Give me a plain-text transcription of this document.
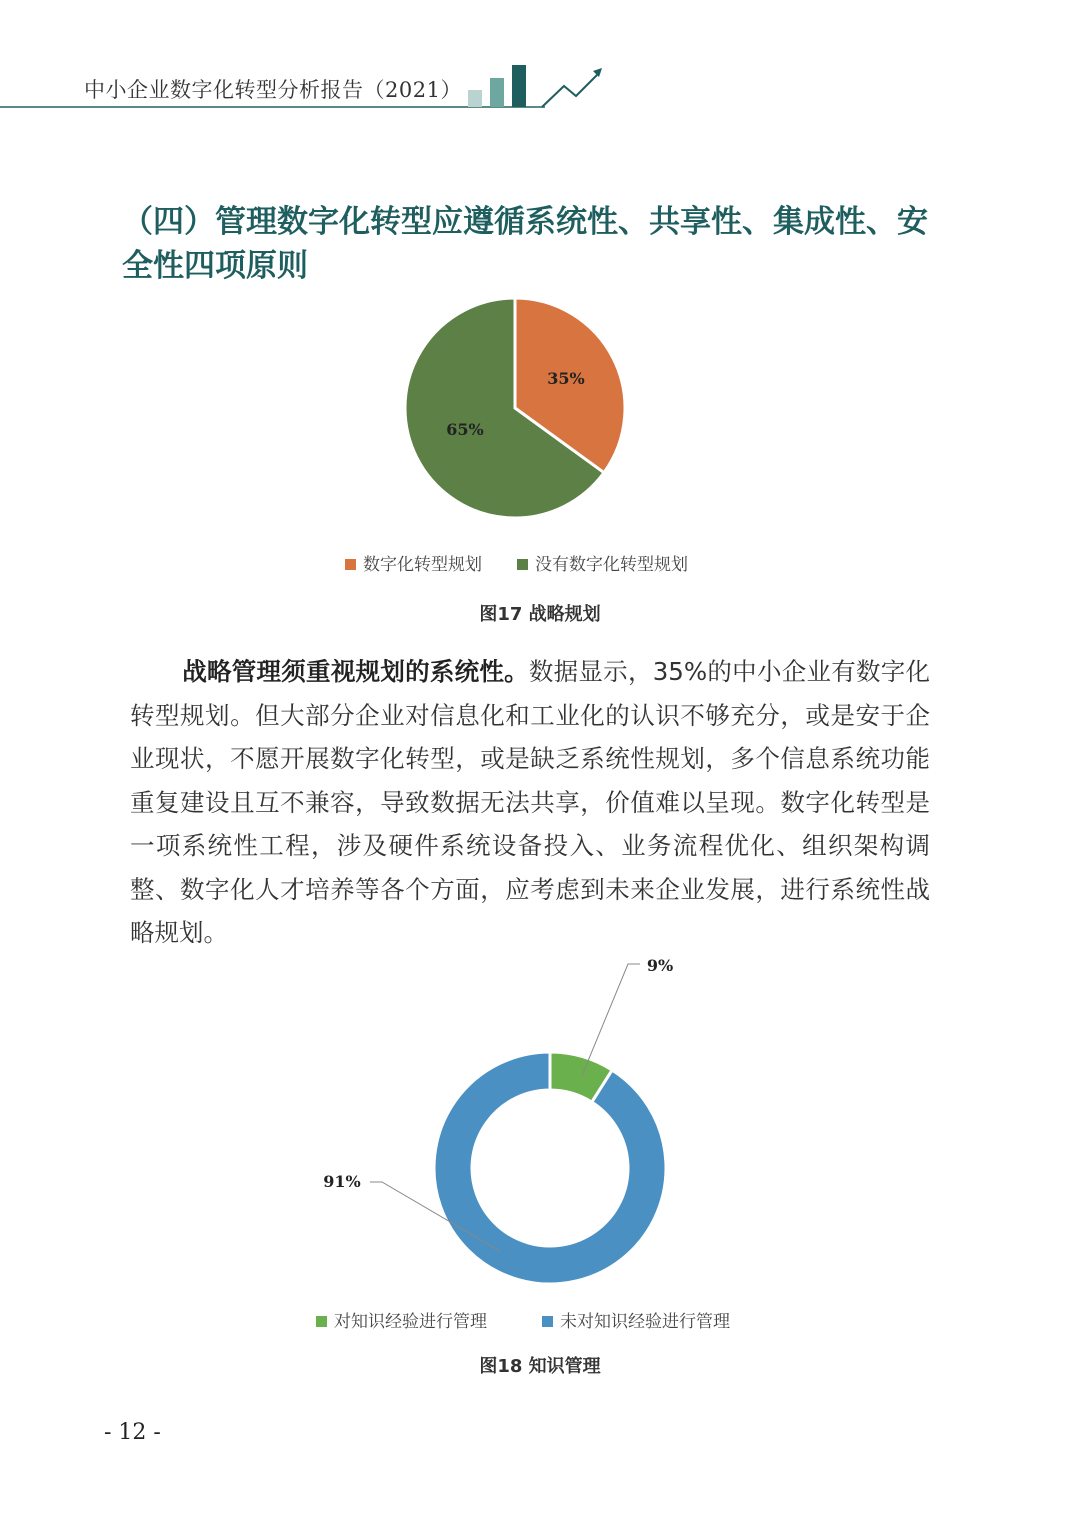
中小企业数字化转型分析报告（2021）
（四）管理数字化转型应遵循系统性、共享性、集成性、安全性四项原则
35%
65%
数字化转型规划	没有数字化转型规划
图17 战略规划
战略管理须重视规划的系统性。数据显示，35%的中小企业有数字化转型规划。但大部分企业对信息化和工业化的认识不够充分，或是安于企业现状，不愿开展数字化转型，或是缺乏系统性规划，多个信息系统功能重复建设且互不兼容，导致数据无法共享，价值难以呈现。数字化转型是一项系统性工程，涉及硬件系统设备投入、业务流程优化、组织架构调整、数字化人才培养等各个方面，应考虑到未来企业发展，进行系统性战略规划。
9%
91%
对知识经验进行管理	未对知识经验进行管理
图18 知识管理
- 12 -
